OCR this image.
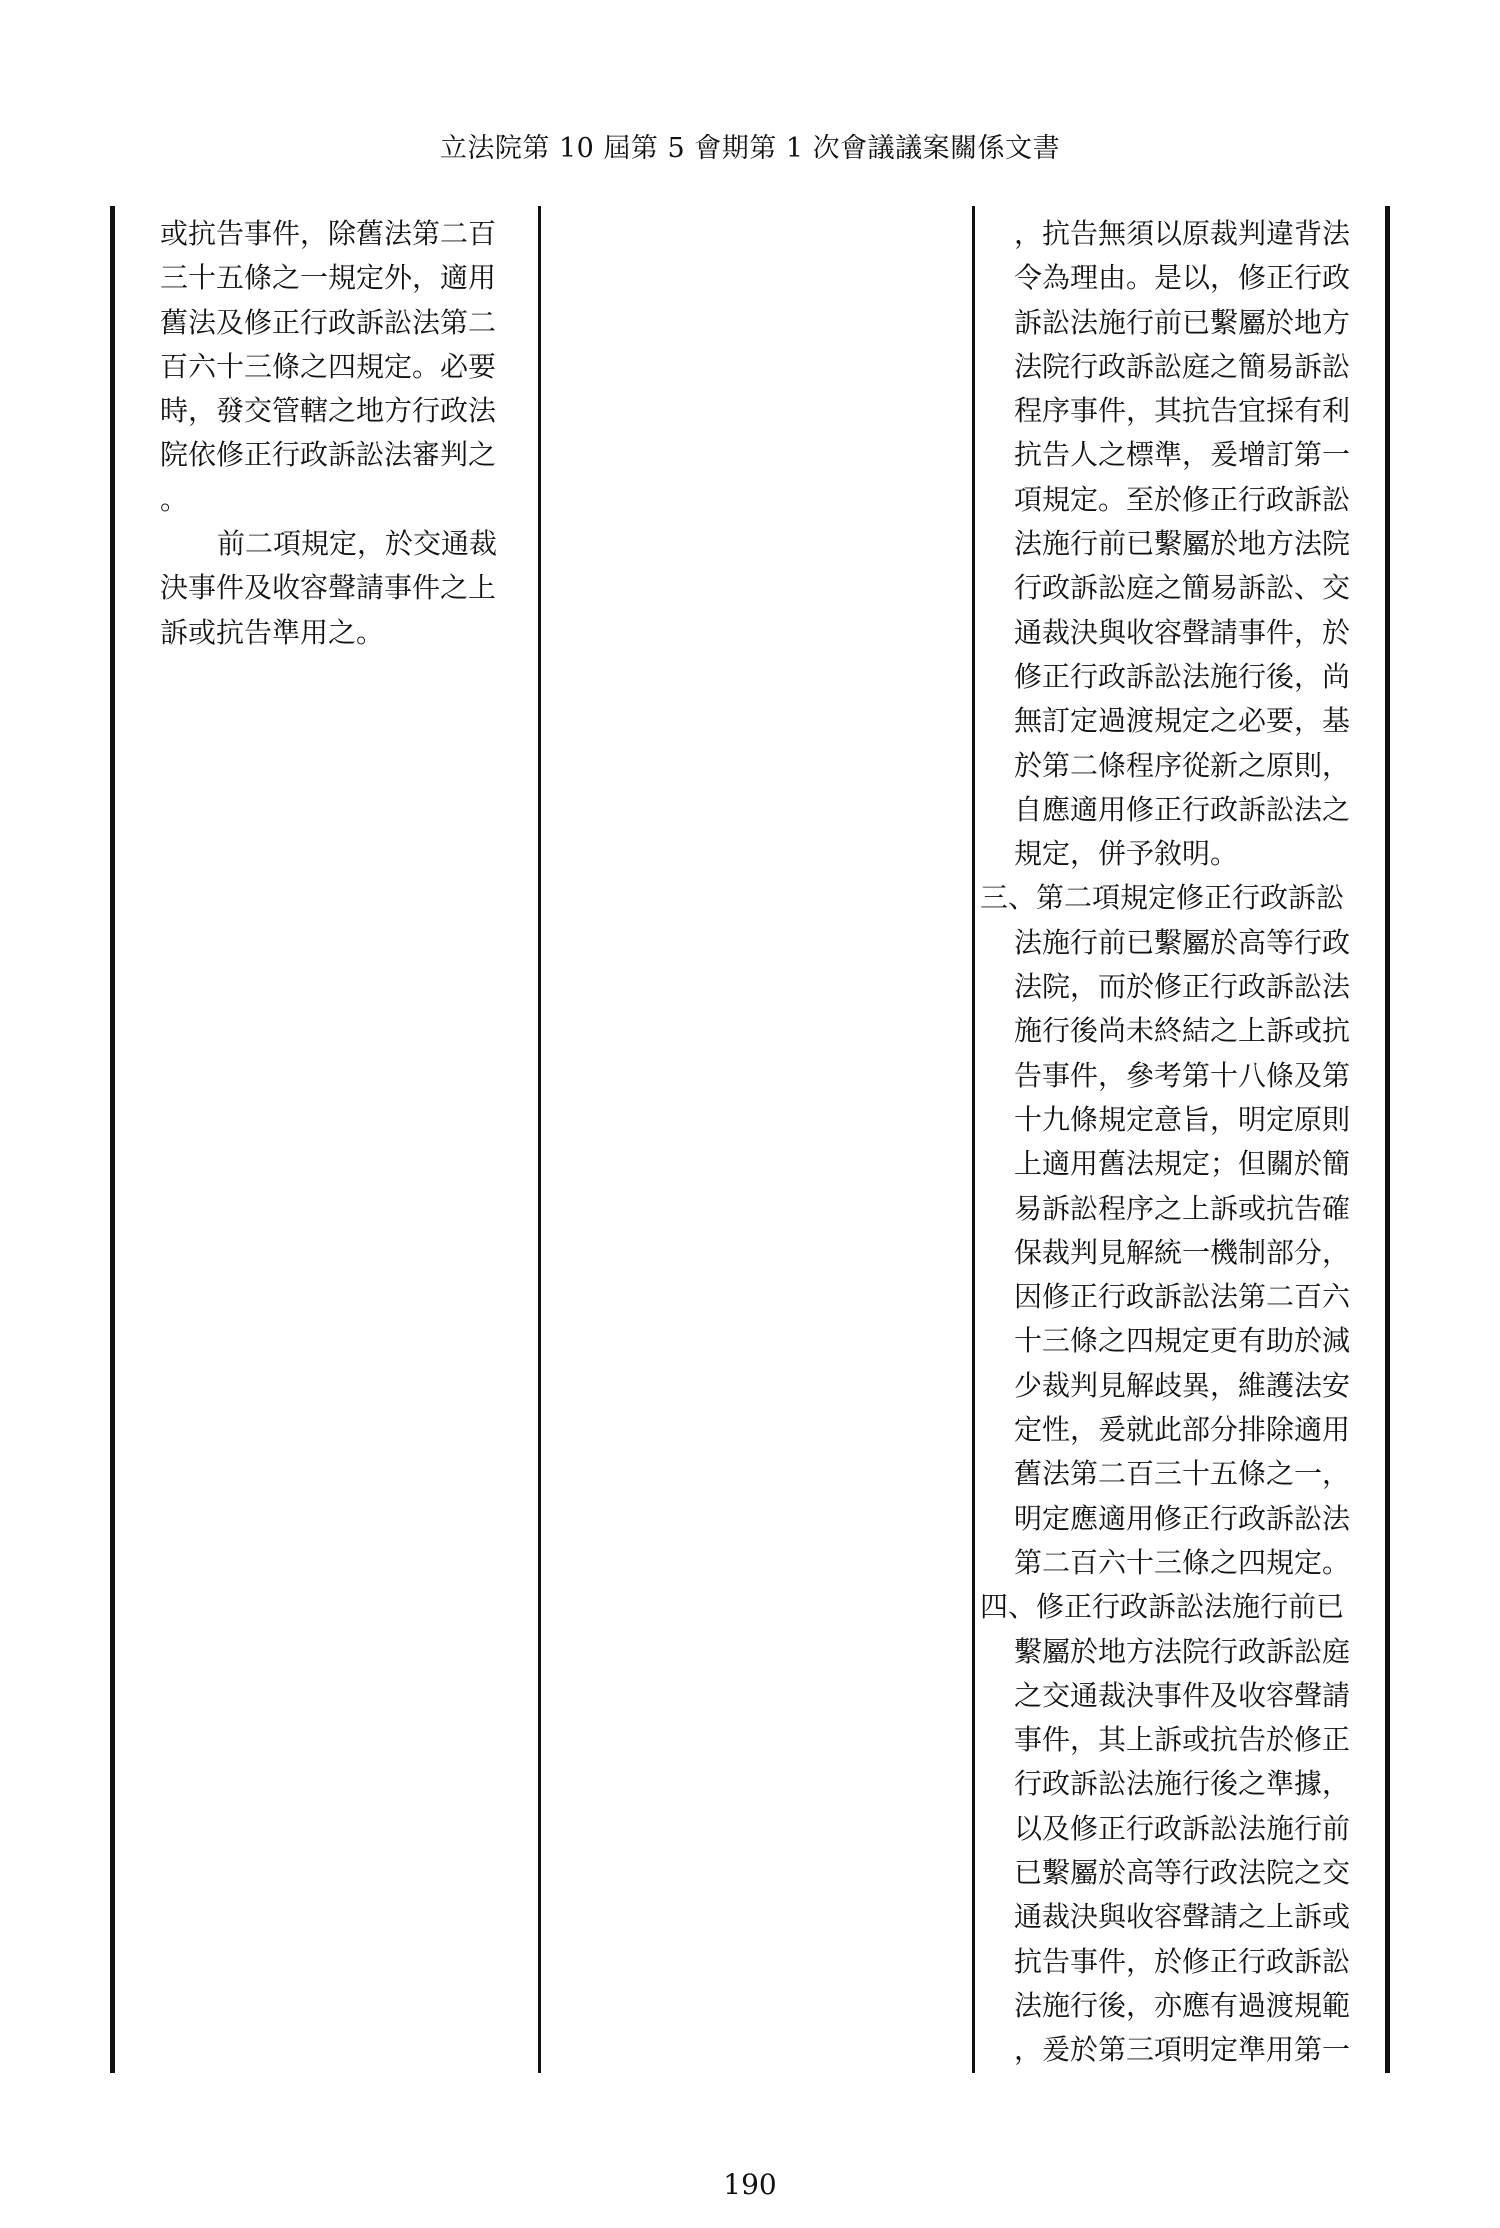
立法院第 10 屆第 5 會期第 1 次會議議案關係文書
或抗告事件，除舊法第二百
三十五條之一規定外，適用
舊法及修正行政訴訟法第二
百六十三條之四規定。必要
時，發交管轄之地方行政法
院依修正行政訴訟法審判之
。
前二項規定，於交通裁
決事件及收容聲請事件之上
訴或抗告準用之。
，抗告無須以原裁判違背法
令為理由。是以，修正行政
訴訟法施行前已繫屬於地方
法院行政訴訟庭之簡易訴訟
程序事件，其抗告宜採有利
抗告人之標準，爰增訂第一
項規定。至於修正行政訴訟
法施行前已繫屬於地方法院
行政訴訟庭之簡易訴訟、交
通裁決與收容聲請事件，於
修正行政訴訟法施行後，尚
無訂定過渡規定之必要，基
於第二條程序從新之原則，
自應適用修正行政訴訟法之
規定，併予敘明。
三、第二項規定修正行政訴訟
法施行前已繫屬於高等行政
法院，而於修正行政訴訟法
施行後尚未終結之上訴或抗
告事件，參考第十八條及第
十九條規定意旨，明定原則
上適用舊法規定；但關於簡
易訴訟程序之上訴或抗告確
保裁判見解統一機制部分，
因修正行政訴訟法第二百六
十三條之四規定更有助於減
少裁判見解歧異，維護法安
定性，爰就此部分排除適用
舊法第二百三十五條之一，
明定應適用修正行政訴訟法
第二百六十三條之四規定。
四、修正行政訴訟法施行前已
繫屬於地方法院行政訴訟庭
之交通裁決事件及收容聲請
事件，其上訴或抗告於修正
行政訴訟法施行後之準據，
以及修正行政訴訟法施行前
已繫屬於高等行政法院之交
通裁決與收容聲請之上訴或
抗告事件，於修正行政訴訟
法施行後，亦應有過渡規範
，爰於第三項明定準用第一
190
